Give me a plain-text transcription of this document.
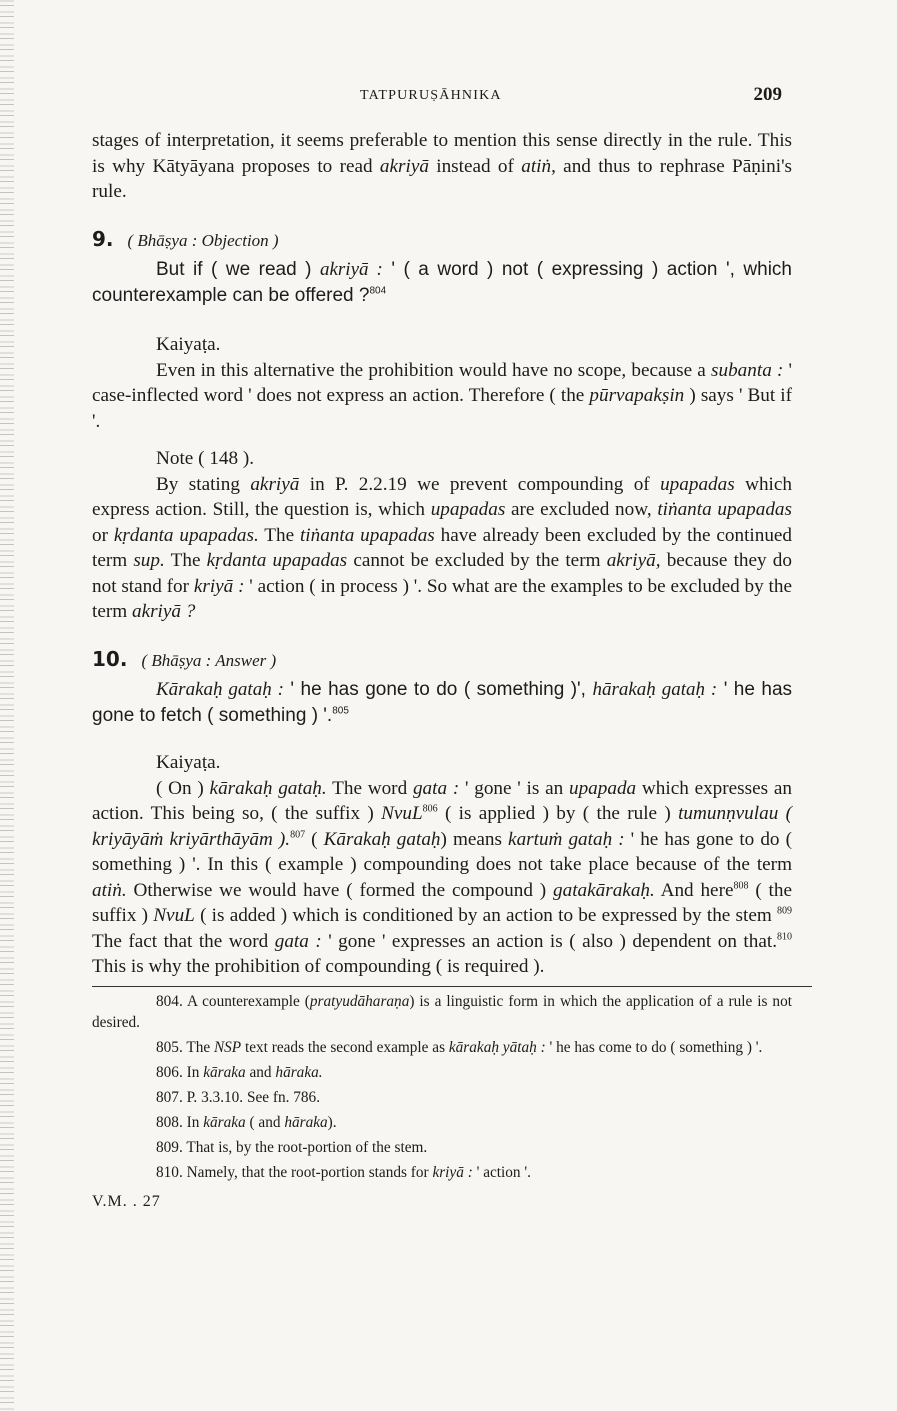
TATPURUṢĀHNIKA	209

stages of interpretation, it seems preferable to mention this sense directly in the rule. This is why Kātyāyana proposes to read akriyā instead of atiṅ, and thus to rephrase Pāṇini's rule.

9. ( Bhāṣya : Objection )

But if ( we read ) akriyā : ' ( a word ) not ( expressing ) action ', which counterexample can be offered ?$^{804}$

Kaiyaṭa.

Even in this alternative the prohibition would have no scope, because a subanta : ' case-inflected word ' does not express an action. Therefore ( the pūrvapakṣin ) says ' But if '.

Note ( 148 ).

By stating akriyā in P. 2.2.19 we prevent compounding of upapadas which express action. Still, the question is, which upapadas are excluded now, tiṅanta upapadas or kṛdanta upapadas. The tiṅanta upapadas have already been excluded by the continued term sup. The kṛdanta upapadas cannot be excluded by the term akriyā, because they do not stand for kriyā : ' action ( in process ) '. So what are the examples to be excluded by the term akriyā ?

10. ( Bhāṣya : Answer )

Kārakaḥ gataḥ : ' he has gone to do ( something )', hārakaḥ gataḥ : ' he has gone to fetch ( something ) '.$^{805}$

Kaiyaṭa.

( On ) kārakaḥ gataḥ. The word gata : ' gone ' is an upapada which expresses an action. This being so, ( the suffix ) NvuL$^{806}$ ( is applied ) by ( the rule ) tumunṇvulau ( kriyāyāṁ kriyārthāyām ).$^{807}$ ( Kārakaḥ gataḥ) means kartuṁ gataḥ : ' he has gone to do ( something ) '. In this ( example ) compounding does not take place because of the term atiṅ. Otherwise we would have ( formed the compound ) gatakārakaḥ. And here$^{808}$ ( the suffix ) NvuL ( is added ) which is conditioned by an action to be expressed by the stem $^{809}$ The fact that the word gata : ' gone ' expresses an action is ( also ) dependent on that.$^{810}$ This is why the prohibition of compounding ( is required ).

804. A counterexample (pratyudāharaṇa) is a linguistic form in which the application of a rule is not desired.

805. The NSP text reads the second example as kārakaḥ yātaḥ : ' he has come to do ( something ) '.

806. In kāraka and hāraka.

807. P. 3.3.10. See fn. 786.

808. In kāraka ( and hāraka).

809. That is, by the root-portion of the stem.

810. Namely, that the root-portion stands for kriyā : ' action '.

V.M. . 27
